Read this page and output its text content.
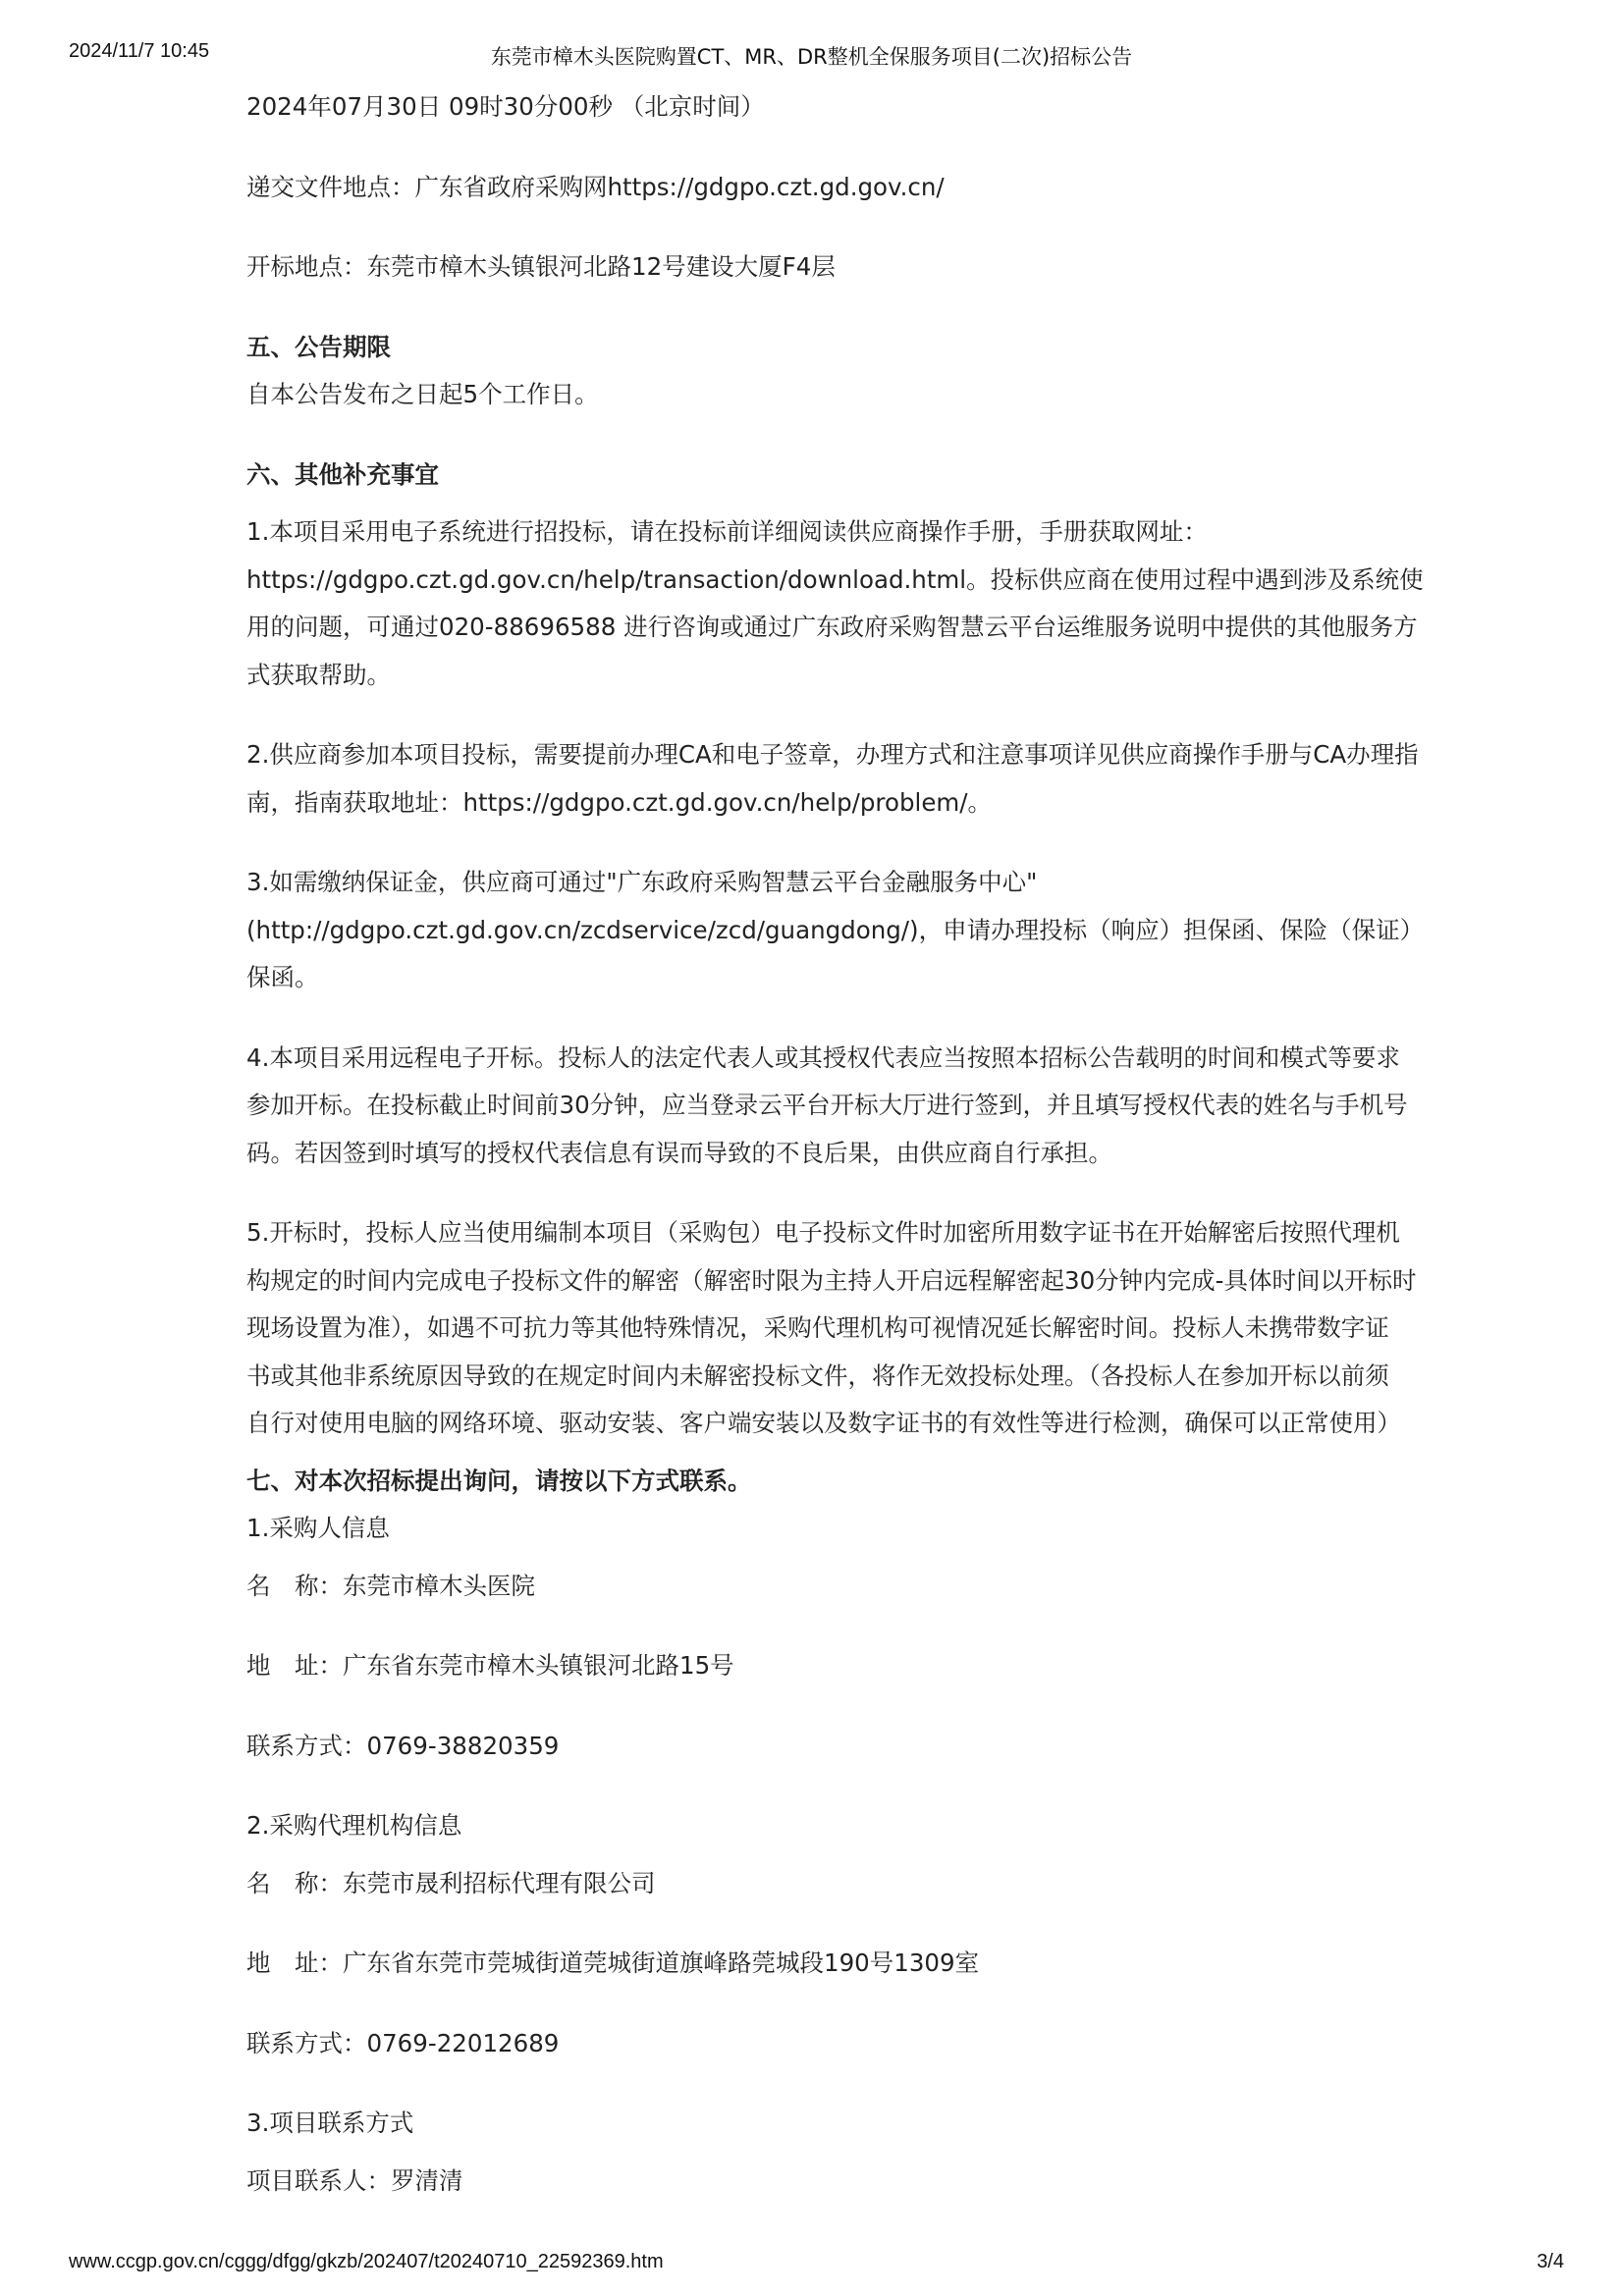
2024/11/7 10:45	东莞市樟木头医院购置CT、MR、DR整机全保服务项目(二次)招标公告
2024年07月30日 09时30分00秒 （北京时间）
递交文件地点：广东省政府采购网https://gdgpo.czt.gd.gov.cn/
开标地点：东莞市樟木头镇银河北路12号建设大厦F4层
五、公告期限
自本公告发布之日起5个工作日。
六、其他补充事宜
1.本项目采用电子系统进行招投标，请在投标前详细阅读供应商操作手册，手册获取网址：
https://gdgpo.czt.gd.gov.cn/help/transaction/download.html。投标供应商在使用过程中遇到涉及系统使
用的问题，可通过020-88696588 进行咨询或通过广东政府采购智慧云平台运维服务说明中提供的其他服务方
式获取帮助。
2.供应商参加本项目投标，需要提前办理CA和电子签章，办理方式和注意事项详见供应商操作手册与CA办理指
南，指南获取地址：https://gdgpo.czt.gd.gov.cn/help/problem/。
3.如需缴纳保证金，供应商可通过"广东政府采购智慧云平台金融服务中心"
(http://gdgpo.czt.gd.gov.cn/zcdservice/zcd/guangdong/)，申请办理投标（响应）担保函、保险（保证）
保函。
4.本项目采用远程电子开标。投标人的法定代表人或其授权代表应当按照本招标公告载明的时间和模式等要求
参加开标。在投标截止时间前30分钟，应当登录云平台开标大厅进行签到，并且填写授权代表的姓名与手机号
码。若因签到时填写的授权代表信息有误而导致的不良后果，由供应商自行承担。
5.开标时，投标人应当使用编制本项目（采购包）电子投标文件时加密所用数字证书在开始解密后按照代理机
构规定的时间内完成电子投标文件的解密（解密时限为主持人开启远程解密起30分钟内完成-具体时间以开标时
现场设置为准），如遇不可抗力等其他特殊情况，采购代理机构可视情况延长解密时间。投标人未携带数字证
书或其他非系统原因导致的在规定时间内未解密投标文件，将作无效投标处理。（各投标人在参加开标以前须
自行对使用电脑的网络环境、驱动安装、客户端安装以及数字证书的有效性等进行检测，确保可以正常使用）
七、对本次招标提出询问，请按以下方式联系。
1.采购人信息
名　称：东莞市樟木头医院
地　址：广东省东莞市樟木头镇银河北路15号
联系方式：0769-38820359
2.采购代理机构信息
名　称：东莞市晟利招标代理有限公司
地　址：广东省东莞市莞城街道莞城街道旗峰路莞城段190号1309室
联系方式：0769-22012689
3.项目联系方式
项目联系人：罗清清
www.ccgp.gov.cn/cggg/dfgg/gkzb/202407/t20240710_22592369.htm	3/4
